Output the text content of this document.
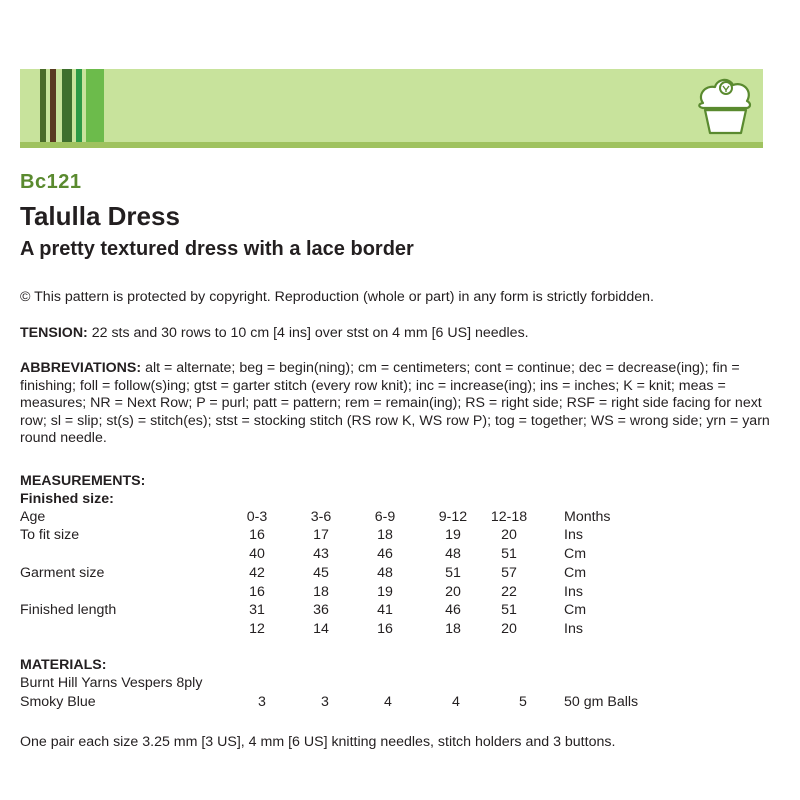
Bc121
Talulla Dress
A pretty textured dress with a lace border
© This pattern is protected by copyright. Reproduction (whole or part) in any form is strictly forbidden.
TENSION: 22 sts and 30 rows to 10 cm [4 ins] over stst on 4 mm [6 US] needles.
ABBREVIATIONS: alt = alternate; beg = begin(ning); cm = centimeters; cont = continue; dec = decrease(ing); fin = finishing; foll = follow(s)ing; gtst = garter stitch (every row knit); inc = increase(ing); ins = inches; K = knit; meas = measures; NR = Next Row; P = purl; patt = pattern; rem = remain(ing); RS = right side; RSF = right side facing for next row; sl = slip; st(s) = stitch(es); stst = stocking stitch (RS row K, WS row P); tog = together; WS = wrong side; yrn = yarn round needle.
MEASUREMENTS:
Finished size:
Age	0-3	3-6	6-9	9-12	12-18	Months
To fit size	16	17	18	19	20	Ins
40	43	46	48	51	Cm
Garment size	42	45	48	51	57	Cm
16	18	19	20	22	Ins
Finished length	31	36	41	46	51	Cm
12	14	16	18	20	Ins
MATERIALS:
Burnt Hill Yarns Vespers 8ply
Smoky Blue	3	3	4	4	5	50 gm Balls
One pair each size 3.25 mm [3 US], 4 mm [6 US] knitting needles, stitch holders and 3 buttons.
